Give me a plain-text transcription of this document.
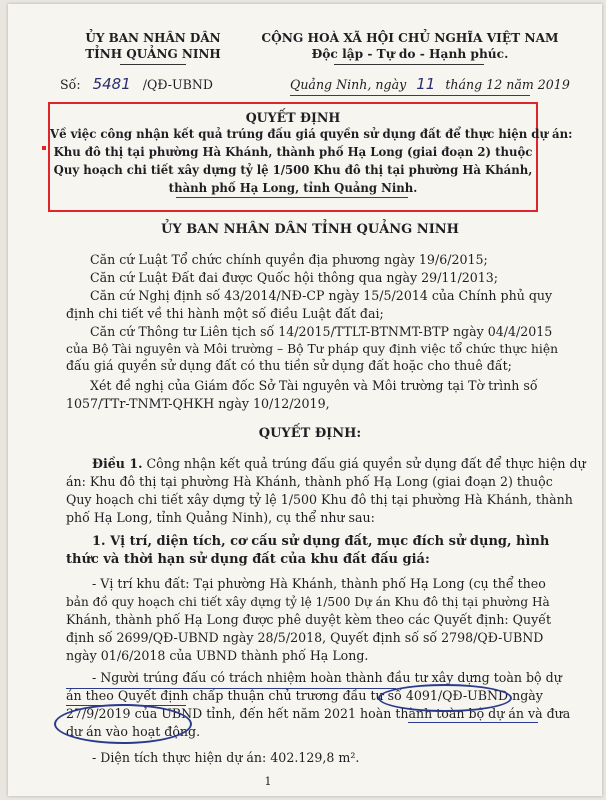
ỦY BAN NHÂN DÂN
TỈNH QUẢNG NINH
Số: 5481 /QĐ-UBND
CỘNG HOÀ XÃ HỘI CHỦ NGHĨA VIỆT NAM
Độc lập - Tự do - Hạnh phúc.
Quảng Ninh, ngày 11 tháng 12 năm 2019
QUYẾT ĐỊNH
Về việc công nhận kết quả trúng đấu giá quyền sử dụng đất để thực hiện dự án:
Khu đô thị tại phường Hà Khánh, thành phố Hạ Long (giai đoạn 2) thuộc
Quy hoạch chi tiết xây dựng tỷ lệ 1/500 Khu đô thị tại phường Hà Khánh,
thành phố Hạ Long, tỉnh Quảng Ninh.
ỦY BAN NHÂN DÂN TỈNH QUẢNG NINH
Căn cứ Luật Tổ chức chính quyền địa phương ngày 19/6/2015;
Căn cứ Luật Đất đai được Quốc hội thông qua ngày 29/11/2013;
Căn cứ Nghị định số 43/2014/NĐ-CP ngày 15/5/2014 của Chính phủ quy
định chi tiết về thi hành một số điều Luật đất đai;
Căn cứ Thông tư Liên tịch số 14/2015/TTLT-BTNMT-BTP ngày 04/4/2015
của Bộ Tài nguyên và Môi trường – Bộ Tư pháp quy định việc tổ chức thực hiện
đấu giá quyền sử dụng đất có thu tiền sử dụng đất hoặc cho thuê đất;
Xét đề nghị của Giám đốc Sở Tài nguyên và Môi trường tại Tờ trình số
1057/TTr-TNMT-QHKH ngày 10/12/2019,
QUYẾT ĐỊNH:
Điều 1. Công nhận kết quả trúng đấu giá quyền sử dụng đất để thực hiện dự
án: Khu đô thị tại phường Hà Khánh, thành phố Hạ Long (giai đoạn 2) thuộc
Quy hoạch chi tiết xây dựng tỷ lệ 1/500 Khu đô thị tại phường Hà Khánh, thành
phố Hạ Long, tỉnh Quảng Ninh), cụ thể như sau:
1. Vị trí, diện tích, cơ cấu sử dụng đất, mục đích sử dụng, hình
thức và thời hạn sử dụng đất của khu đất đấu giá:
- Vị trí khu đất: Tại phường Hà Khánh, thành phố Hạ Long (cụ thể theo
bản đồ quy hoạch chi tiết xây dựng tỷ lệ 1/500 Dự án Khu đô thị tại phường Hà
Khánh, thành phố Hạ Long được phê duyệt kèm theo các Quyết định: Quyết
định số 2699/QĐ-UBND ngày 28/5/2018, Quyết định số số 2798/QĐ-UBND
ngày 01/6/2018 của UBND thành phố Hạ Long.
- Người trúng đấu có trách nhiệm hoàn thành đầu tư xây dựng toàn bộ dự
án theo Quyết định chấp thuận chủ trương đầu tư số 4091/QĐ-UBND ngày
27/9/2019 của UBND tỉnh, đến hết năm 2021 hoàn thành toàn bộ dự án và đưa
dự án vào hoạt động.
- Diện tích thực hiện dự án: 402.129,8 m².
1
